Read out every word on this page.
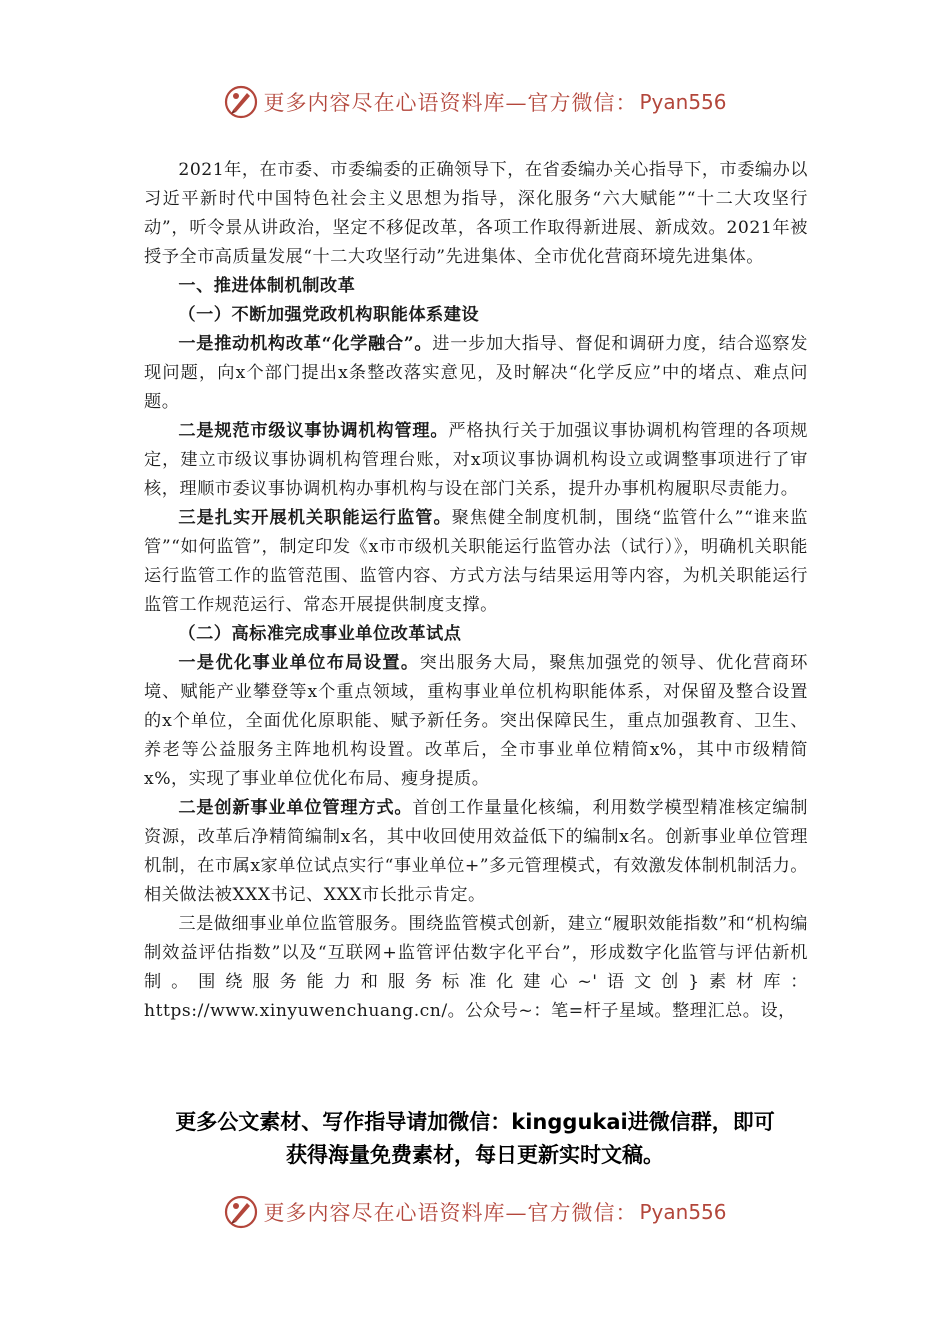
更多内容尽在心语资料库—官方微信： Pyan556

2021年，在市委、市委编委的正确领导下，在省委编办关心指导下，市委编办以习近平新时代中国特色社会主义思想为指导，深化服务“六大赋能”“十二大攻坚行动”，听令景从讲政治，坚定不移促改革，各项工作取得新进展、新成效。2021年被授予全市高质量发展“十二大攻坚行动”先进集体、全市优化营商环境先进集体。

一、推进体制机制改革
（一）不断加强党政机构职能体系建设

一是推动机构改革“化学融合”。进一步加大指导、督促和调研力度，结合巡察发现问题，向x个部门提出x条整改落实意见，及时解决“化学反应”中的堵点、难点问题。

二是规范市级议事协调机构管理。严格执行关于加强议事协调机构管理的各项规定，建立市级议事协调机构管理台账，对x项议事协调机构设立或调整事项进行了审核，理顺市委议事协调机构办事机构与设在部门关系，提升办事机构履职尽责能力。

三是扎实开展机关职能运行监管。聚焦健全制度机制，围绕“监管什么”“谁来监管”“如何监管”，制定印发《x市市级机关职能运行监管办法（试行）》，明确机关职能运行监管工作的监管范围、监管内容、方式方法与结果运用等内容，为机关职能运行监管工作规范运行、常态开展提供制度支撑。

（二）高标准完成事业单位改革试点

一是优化事业单位布局设置。突出服务大局，聚焦加强党的领导、优化营商环境、赋能产业攀登等x个重点领域，重构事业单位机构职能体系，对保留及整合设置的x个单位，全面优化原职能、赋予新任务。突出保障民生，重点加强教育、卫生、养老等公益服务主阵地机构设置。改革后，全市事业单位精简x%，其中市级精简x%，实现了事业单位优化布局、瘦身提质。

二是创新事业单位管理方式。首创工作量量化核编，利用数学模型精准核定编制资源，改革后净精简编制x名，其中收回使用效益低下的编制x名。创新事业单位管理机制，在市属x家单位试点实行“事业单位+”多元管理模式，有效激发体制机制活力。相关做法被XXX书记、XXX市长批示肯定。

三是做细事业单位监管服务。围绕监管模式创新，建立“履职效能指数”和“机构编制效益评估指数”以及“互联网+监管评估数字化平台”，形成数字化监管与评估新机制。围绕服务能力和服务标准化建心~'语文创}素材库：https://www.xinyuwenchuang.cn/。公众号~：笔=杆子星域。整理汇总。设，

更多公文素材、写作指导请加微信：kinggukai进微信群，即可
获得海量免费素材，每日更新实时文稿。
更多内容尽在心语资料库—官方微信： Pyan556
